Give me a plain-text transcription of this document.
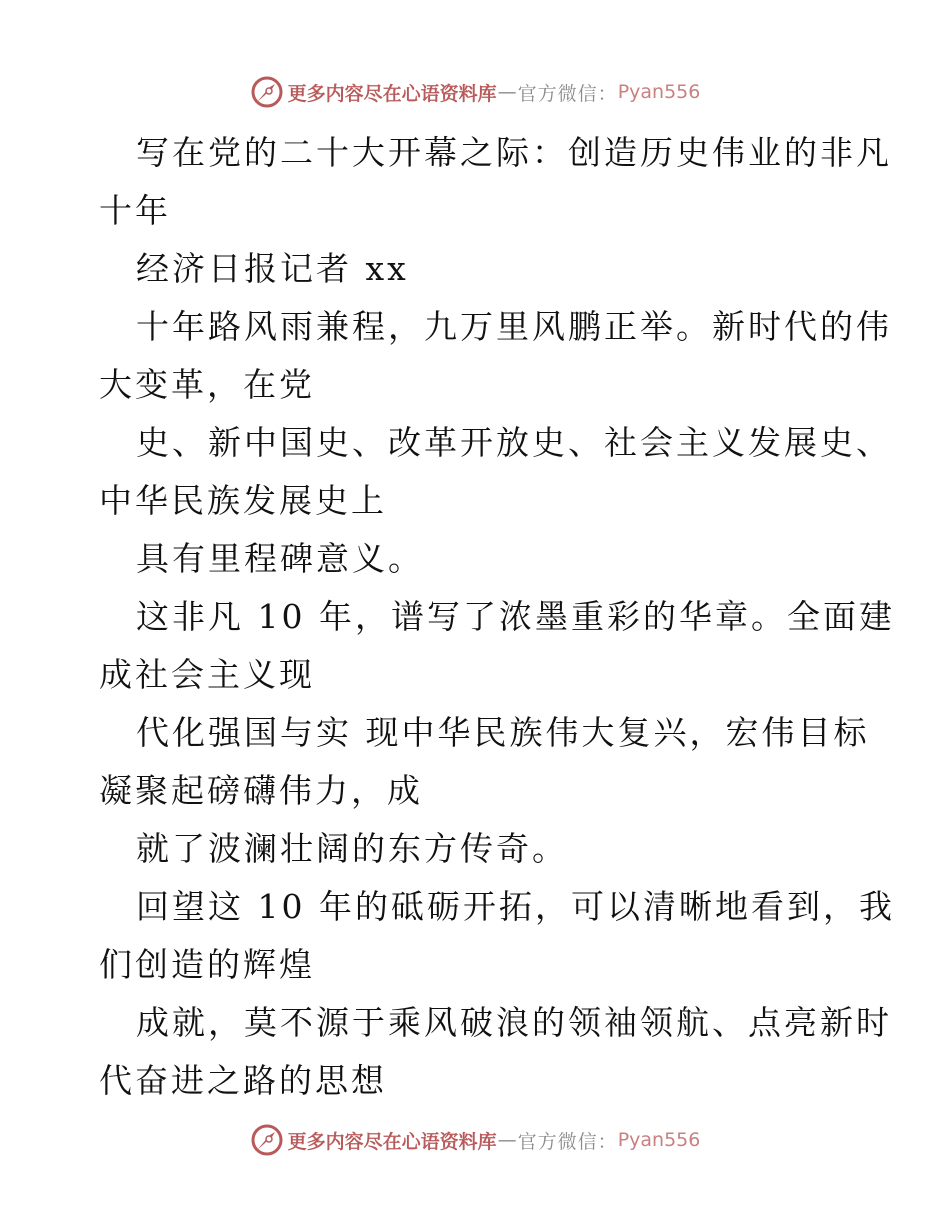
更多内容尽在心语资料库 — 官方微信： Pyan556
写在党的二十大开幕之际：创造历史伟业的非凡
十年
经济日报记者 xx
十年路风雨兼程，九万里风鹏正举。新时代的伟
大变革，在党
史、新中国史、改革开放史、社会主义发展史、
中华民族发展史上
具有里程碑意义。
这非凡 10 年，谱写了浓墨重彩的华章。全面建
成社会主义现
代化强国与实 现中华民族伟大复兴，宏伟目标
凝聚起磅礴伟力，成
就了波澜壮阔的东方传奇。
回望这 10 年的砥砺开拓，可以清晰地看到，我
们创造的辉煌
成就，莫不源于乘风破浪的领袖领航、点亮新时
代奋进之路的思想
更多内容尽在心语资料库 — 官方微信： Pyan556
